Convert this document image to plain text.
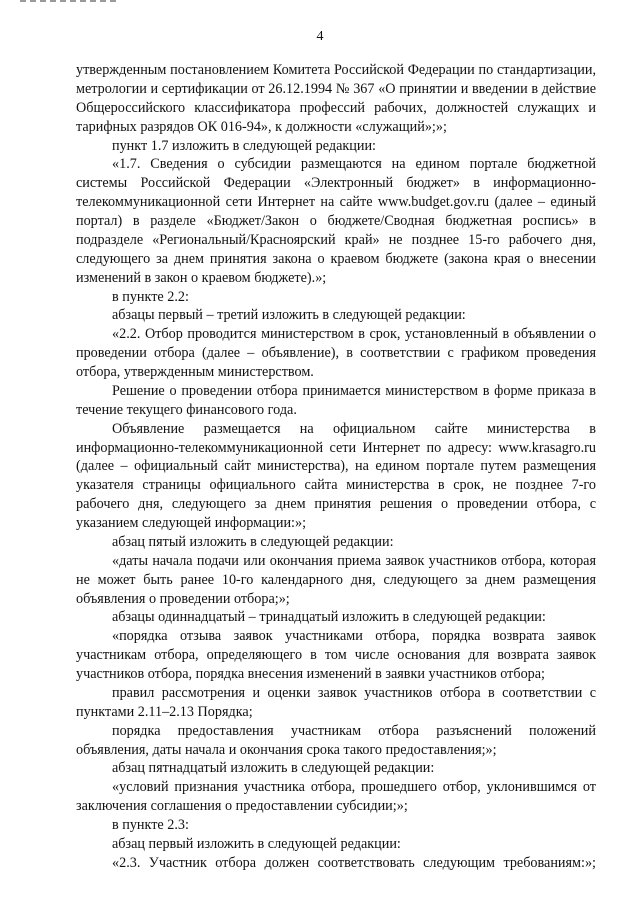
4

утвержденным постановлением Комитета Российской Федерации по стандартизации, метрологии и сертификации от 26.12.1994 № 367 «О принятии и введении в действие Общероссийского классификатора профессий рабочих, должностей служащих и тарифных разрядов ОК 016-94», к должности «служащий»;»;

пункт 1.7 изложить в следующей редакции:

«1.7. Сведения о субсидии размещаются на едином портале бюджетной системы Российской Федерации «Электронный бюджет» в информационно-телекоммуникационной сети Интернет на сайте www.budget.gov.ru (далее – единый портал) в разделе «Бюджет/Закон о бюджете/Сводная бюджетная роспись» в подразделе «Региональный/Красноярский край» не позднее 15-го рабочего дня, следующего за днем принятия закона о краевом бюджете (закона края о внесении изменений в закон о краевом бюджете).»;

в пункте 2.2:

абзацы первый – третий изложить в следующей редакции:

«2.2. Отбор проводится министерством в срок, установленный в объявлении о проведении отбора (далее – объявление), в соответствии с графиком проведения отбора, утвержденным министерством.

Решение о проведении отбора принимается министерством в форме приказа в течение текущего финансового года.

Объявление размещается на официальном сайте министерства в информационно-телекоммуникационной сети Интернет по адресу: www.krasagro.ru (далее – официальный сайт министерства), на едином портале путем размещения указателя страницы официального сайта министерства в срок, не позднее 7-го рабочего дня, следующего за днем принятия решения о проведении отбора, с указанием следующей информации:»;

абзац пятый изложить в следующей редакции:

«даты начала подачи или окончания приема заявок участников отбора, которая не может быть ранее 10-го календарного дня, следующего за днем размещения объявления о проведении отбора;»;

абзацы одиннадцатый – тринадцатый изложить в следующей редакции:

«порядка отзыва заявок участниками отбора, порядка возврата заявок участникам отбора, определяющего в том числе основания для возврата заявок участников отбора, порядка внесения изменений в заявки участников отбора;

правил рассмотрения и оценки заявок участников отбора в соответствии с пунктами 2.11–2.13 Порядка;

порядка предоставления участникам отбора разъяснений положений объявления, даты начала и окончания срока такого предоставления;»;

абзац пятнадцатый изложить в следующей редакции:

«условий признания участника отбора, прошедшего отбор, уклонившимся от заключения соглашения о предоставлении субсидии;»;

в пункте 2.3:

абзац первый изложить в следующей редакции:

«2.3. Участник отбора должен соответствовать следующим требованиям:»;
